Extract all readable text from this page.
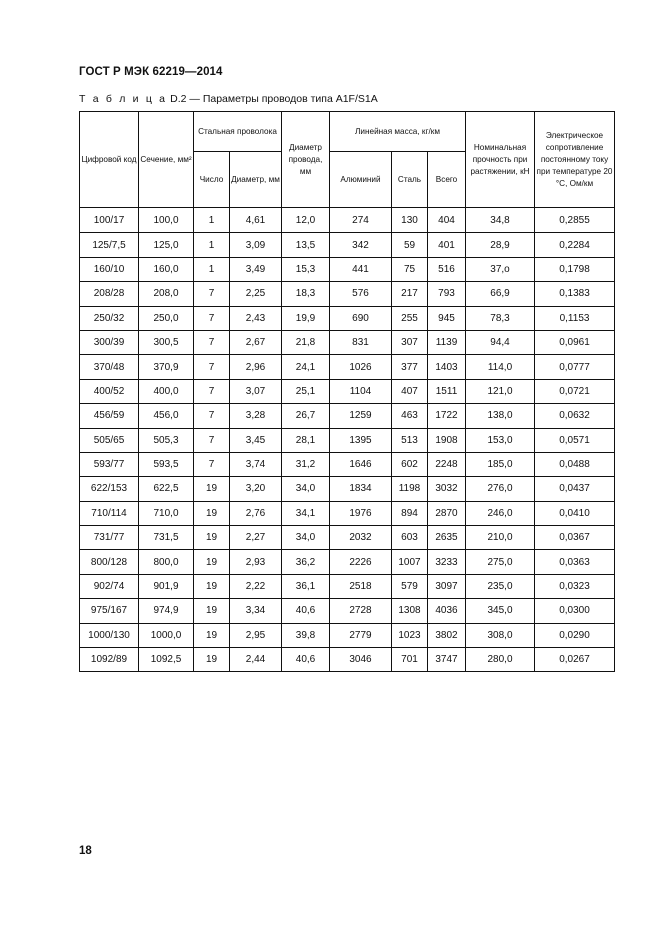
ГОСТ Р МЭК 62219—2014
Т а б л и ц а D.2 — Параметры проводов типа A1F/S1A
Цифровой код	Сечение, мм²	Стальная проволока		Диаметр провода, мм	Линейная масса, кг/км			Номинальная прочность при растяжении, кН	Электрическое сопротивление постоянному току при температуре 20 °С, Ом/км
		Число	Диаметр, мм		Алюминий	Сталь	Всего		
100/17	100,0	1	4,61	12,0	274	130	404	34,8	0,2855
125/7,5	125,0	1	3,09	13,5	342	59	401	28,9	0,2284
160/10	160,0	1	3,49	15,3	441	75	516	37,о	0,1798
208/28	208,0	7	2,25	18,3	576	217	793	66,9	0,1383
250/32	250,0	7	2,43	19,9	690	255	945	78,3	0,1153
300/39	300,5	7	2,67	21,8	831	307	1139	94,4	0,0961
370/48	370,9	7	2,96	24,1	1026	377	1403	114,0	0,0777
400/52	400,0	7	3,07	25,1	1104	407	1511	121,0	0,0721
456/59	456,0	7	3,28	26,7	1259	463	1722	138,0	0,0632
505/65	505,3	7	3,45	28,1	1395	513	1908	153,0	0,0571
593/77	593,5	7	3,74	31,2	1646	602	2248	185,0	0,0488
622/153	622,5	19	3,20	34,0	1834	1198	3032	276,0	0,0437
710/114	710,0	19	2,76	34,1	1976	894	2870	246,0	0,0410
731/77	731,5	19	2,27	34,0	2032	603	2635	210,0	0,0367
800/128	800,0	19	2,93	36,2	2226	1007	3233	275,0	0,0363
902/74	901,9	19	2,22	36,1	2518	579	3097	235,0	0,0323
975/167	974,9	19	3,34	40,6	2728	1308	4036	345,0	0,0300
1000/130	1000,0	19	2,95	39,8	2779	1023	3802	308,0	0,0290
1092/89	1092,5	19	2,44	40,6	3046	701	3747	280,0	0,0267
18
